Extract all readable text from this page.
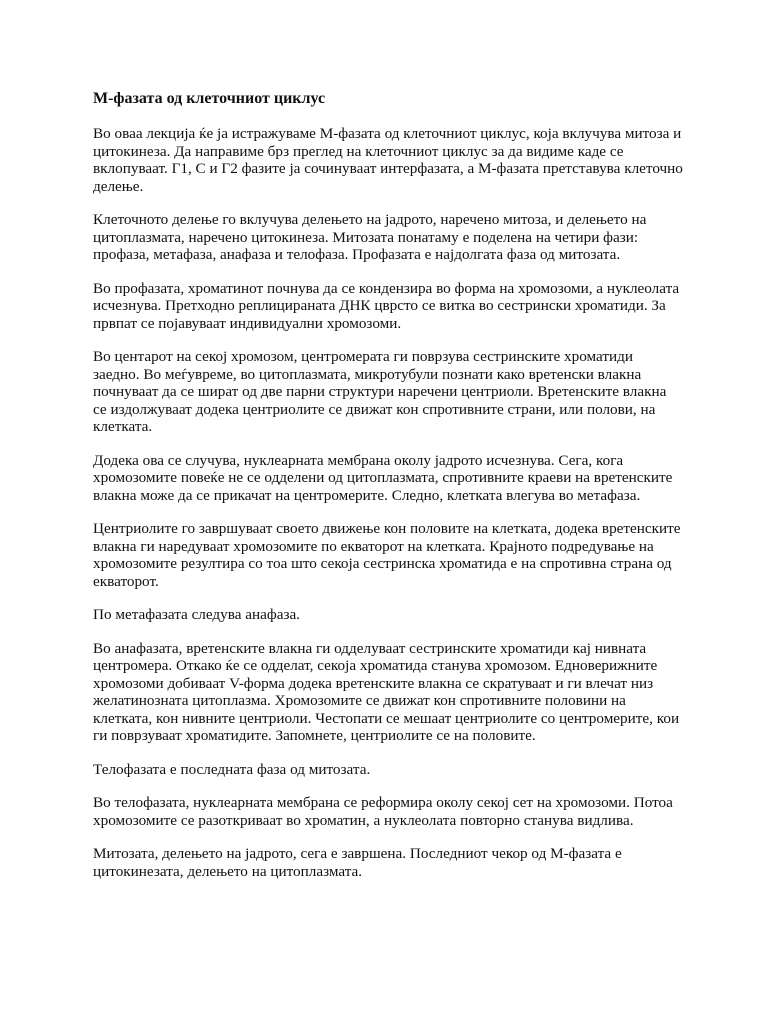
М-фазата од клеточниот циклус

Во оваа лекција ќе ја истражуваме М-фазата од клеточниот циклус, која вклучува митоза и цитокинеза. Да направиме брз преглед на клеточниот циклус за да видиме каде се вклопуваат. Г1, С и Г2 фазите ја сочинуваат интерфазата, а М-фазата претставува клеточно делење.

Клеточното делење го вклучува делењето на јадрото, наречено митоза, и делењето на цитоплазмата, наречено цитокинеза. Митозата понатаму е поделена на четири фази: профаза, метафаза, анафаза и телофаза. Профазата е најдолгата фаза од митозата.

Во профазата, хроматинот почнува да се кондензира во форма на хромозоми, а нуклеолата исчезнува. Претходно реплицираната ДНК цврсто се витка во сестрински хроматиди. За првпат се појавуваат индивидуални хромозоми.

Во центарот на секој хромозом, центромерата ги поврзува сестринските хроматиди заедно. Во меѓувреме, во цитоплазмата, микротубули познати како вретенски влакна почнуваат да се шират од две парни структури наречени центриоли. Вретенските влакна се издолжуваат додека центриолите се движат кон спротивните страни, или полови, на клетката.

Додека ова се случува, нуклеарната мембрана околу јадрото исчезнува. Сега, кога хромозомите повеќе не се одделени од цитоплазмата, спротивните краеви на вретенските влакна може да се прикачат на центромерите. Следно, клетката влегува во метафаза.

Центриолите го завршуваат своето движење кон половите на клетката, додека вретенските влакна ги наредуваат хромозомите по екваторот на клетката. Крајното подредување на хромозомите резултира со тоа што секоја сестринска хроматида е на спротивна страна од екваторот.

По метафазата следува анафаза.

Во анафазата, вретенските влакна ги одделуваат сестринските хроматиди кај нивната центромера. Откако ќе се одделат, секоја хроматида станува хромозом. Едноверижните хромозоми добиваат V-форма додека вретенските влакна се скратуваат и ги влечат низ желатинозната цитоплазма. Хромозомите се движат кон спротивните половини на клетката, кон нивните центриоли. Честопати се мешаат центриолите со центромерите, кои ги поврзуваат хроматидите. Запомнете, центриолите се на половите.

Телофазата е последната фаза од митозата.

Во телофазата, нуклеарната мембрана се реформира околу секој сет на хромозоми. Потоа хромозомите се разоткриваат во хроматин, а нуклеолата повторно станува видлива.

Митозата, делењето на јадрото, сега е завршена. Последниот чекор од М-фазата е цитокинезата, делењето на цитоплазмата.
